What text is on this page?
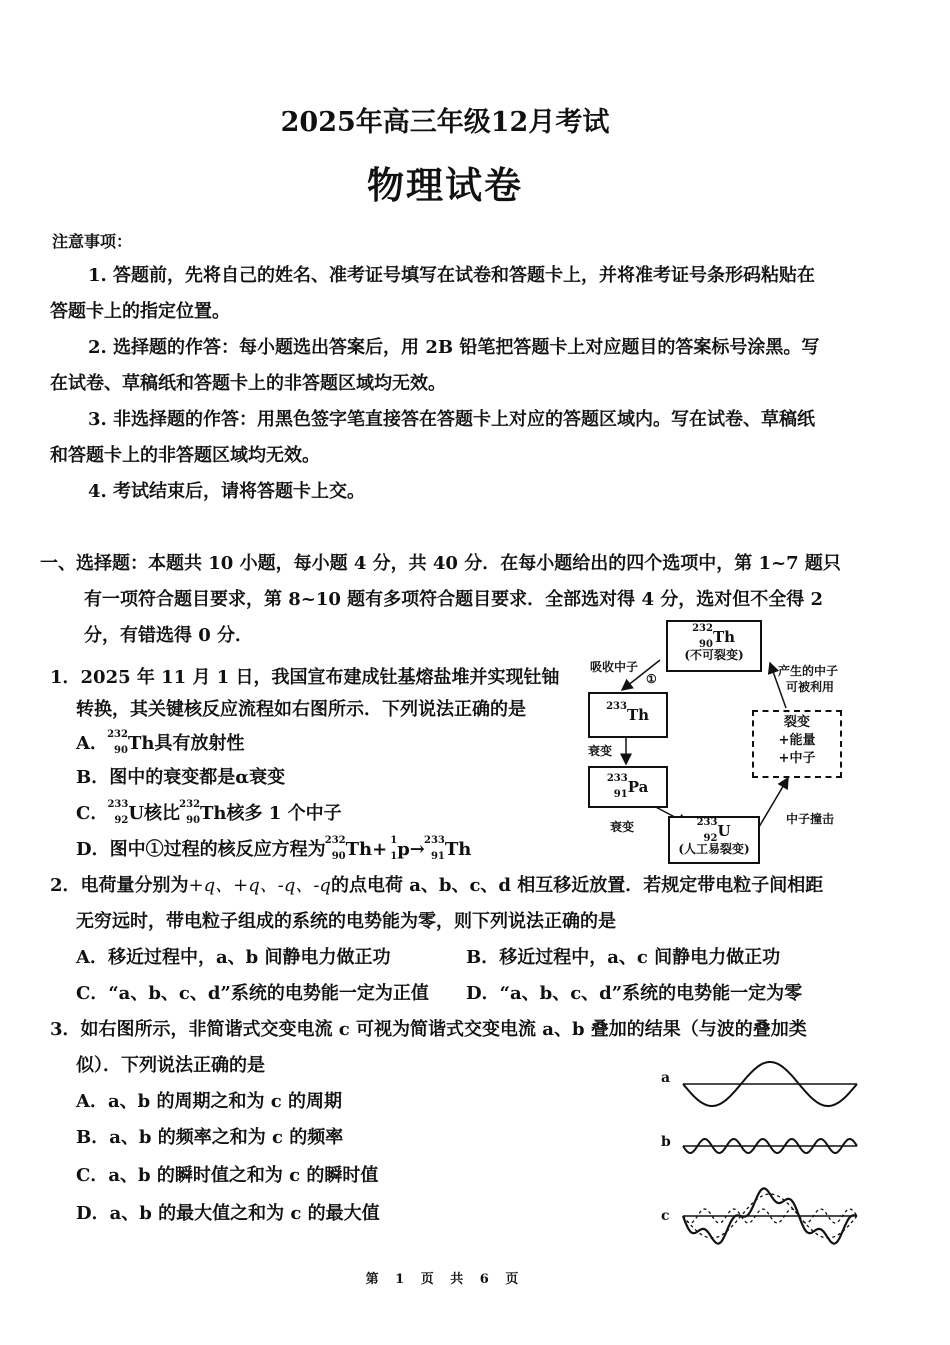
2025年高三年级12月考试
物理试卷
注意事项：
1. 答题前，先将自己的姓名、准考证号填写在试卷和答题卡上，并将准考证号条形码粘贴在
答题卡上的指定位置。
2. 选择题的作答：每小题选出答案后，用 2B 铅笔把答题卡上对应题目的答案标号涂黑。写
在试卷、草稿纸和答题卡上的非答题区域均无效。
3. 非选择题的作答：用黑色签字笔直接答在答题卡上对应的答题区域内。写在试卷、草稿纸
和答题卡上的非答题区域均无效。
4. 考试结束后，请将答题卡上交。
一、选择题：本题共 10 小题，每小题 4 分，共 40 分．在每小题给出的四个选项中，第 1~7 题只
有一项符合题目要求，第 8~10 题有多项符合题目要求．全部选对得 4 分，选对但不全得 2
分，有错选得 0 分．
1．2025 年 11 月 1 日，我国宣布建成钍基熔盐堆并实现钍铀
转换，其关键核反应流程如右图所示．下列说法正确的是
A． 232
90 Th具有放射性
B．图中的衰变都是α衰变
C． 233
92 U核比 232
90 Th核多 1 个中子
D．图中①过程的核反应方程为 232
90 Th+ 1
1 p→ 233
91 Th
232
90 Th
(不可裂变)
233 Th
233
91 Pa
233
92 U
(人工易裂变)
裂变
+能量
+中子
吸收中子
①
衰变
衰变
中子撞击
产生的中子
可被利用
2．电荷量分别为+q、+q、-q、-q的点电荷 a、b、c、d 相互移近放置．若规定带电粒子间相距
无穷远时，带电粒子组成的系统的电势能为零，则下列说法正确的是
A．移近过程中，a、b 间静电力做正功	B．移近过程中，a、c 间静电力做正功
C．“a、b、c、d”系统的电势能一定为正值 D．“a、b、c、d”系统的电势能一定为零
3．如右图所示，非简谐式交变电流 c 可视为简谐式交变电流 a、b 叠加的结果（与波的叠加类
似）．下列说法正确的是
A．a、b 的周期之和为 c 的周期
B．a、b 的频率之和为 c 的频率
C．a、b 的瞬时值之和为 c 的瞬时值
D．a、b 的最大值之和为 c 的最大值
a
b
c
第 1 页 共 6 页
